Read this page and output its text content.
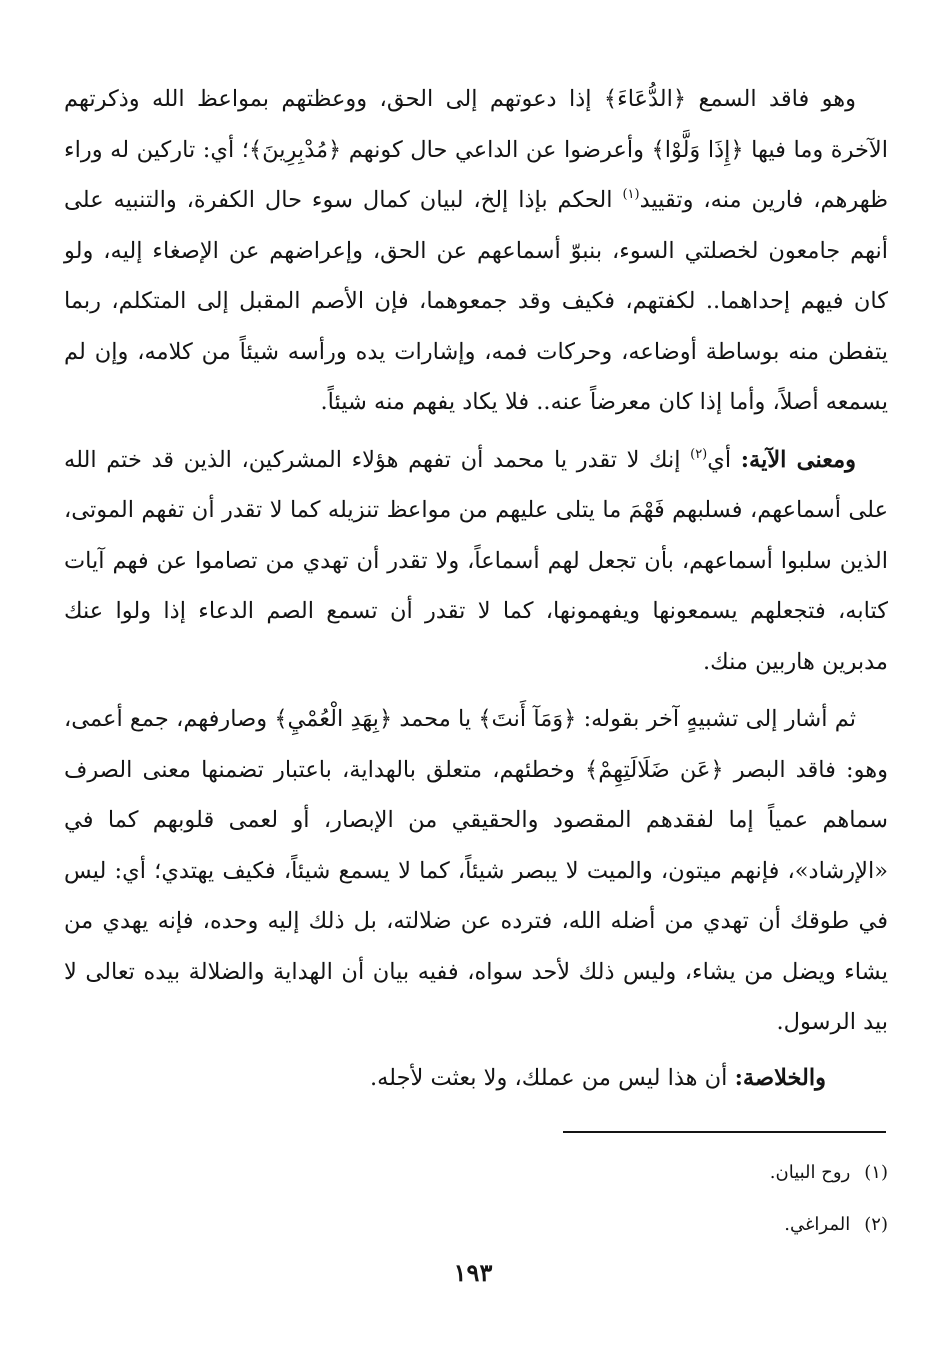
وهو فاقد السمع ﴿الدُّعَاءَ﴾ إذا دعوتهم إلى الحق، ووعظتهم بمواعظ الله وذكرتهم الآخرة وما فيها ﴿إِذَا وَلَّوْا﴾ وأعرضوا عن الداعي حال كونهم ﴿مُدْبِرِينَ﴾؛ أي: تاركين له وراء ظهرهم، فارين منه، وتقييد$^{(١)}$ الحكم بإذا إلخ، لبيان كمال سوء حال الكفرة، والتنبيه على أنهم جامعون لخصلتي السوء، بنبوّ أسماعهم عن الحق، وإعراضهم عن الإصغاء إليه، ولو كان فيهم إحداهما.. لكفتهم، فكيف وقد جمعوهما، فإن الأصم المقبل إلى المتكلم، ربما يتفطن منه بوساطة أوضاعه، وحركات فمه، وإشارات يده ورأسه شيئاً من كلامه، وإن لم يسمعه أصلاً، وأما إذا كان معرضاً عنه.. فلا يكاد يفهم منه شيئاً.

ومعنى الآية: أي$^{(٢)}$ إنك لا تقدر يا محمد أن تفهم هؤلاء المشركين، الذين قد ختم الله على أسماعهم، فسلبهم فَهْمَ ما يتلى عليهم من مواعظ تنزيله كما لا تقدر أن تفهم الموتى، الذين سلبوا أسماعهم، بأن تجعل لهم أسماعاً، ولا تقدر أن تهدي من تصاموا عن فهم آيات كتابه، فتجعلهم يسمعونها ويفهمونها، كما لا تقدر أن تسمع الصم الدعاء إذا ولوا عنك مدبرين هاربين منك.

ثم أشار إلى تشبيهٍ آخر بقوله: ﴿وَمَآ أَنتَ﴾ يا محمد ﴿بِهَدِ الْعُمْيِ﴾ وصارفهم، جمع أعمى، وهو: فاقد البصر ﴿عَن ضَلَالَتِهِمْ﴾ وخطئهم، متعلق بالهداية، باعتبار تضمنها معنى الصرف سماهم عمياً إما لفقدهم المقصود والحقيقي من الإبصار، أو لعمى قلوبهم كما في «الإرشاد»، فإنهم ميتون، والميت لا يبصر شيئاً، كما لا يسمع شيئاً، فكيف يهتدي؛ أي: ليس في طوقك أن تهدي من أضله الله، فترده عن ضلالته، بل ذلك إليه وحده، فإنه يهدي من يشاء ويضل من يشاء، وليس ذلك لأحد سواه، ففيه بيان أن الهداية والضلالة بيده تعالى لا بيد الرسول.

والخلاصة: أن هذا ليس من عملك، ولا بعثت لأجله.

(١)روح البيان.

(٢)المراغي.

١٩٣
